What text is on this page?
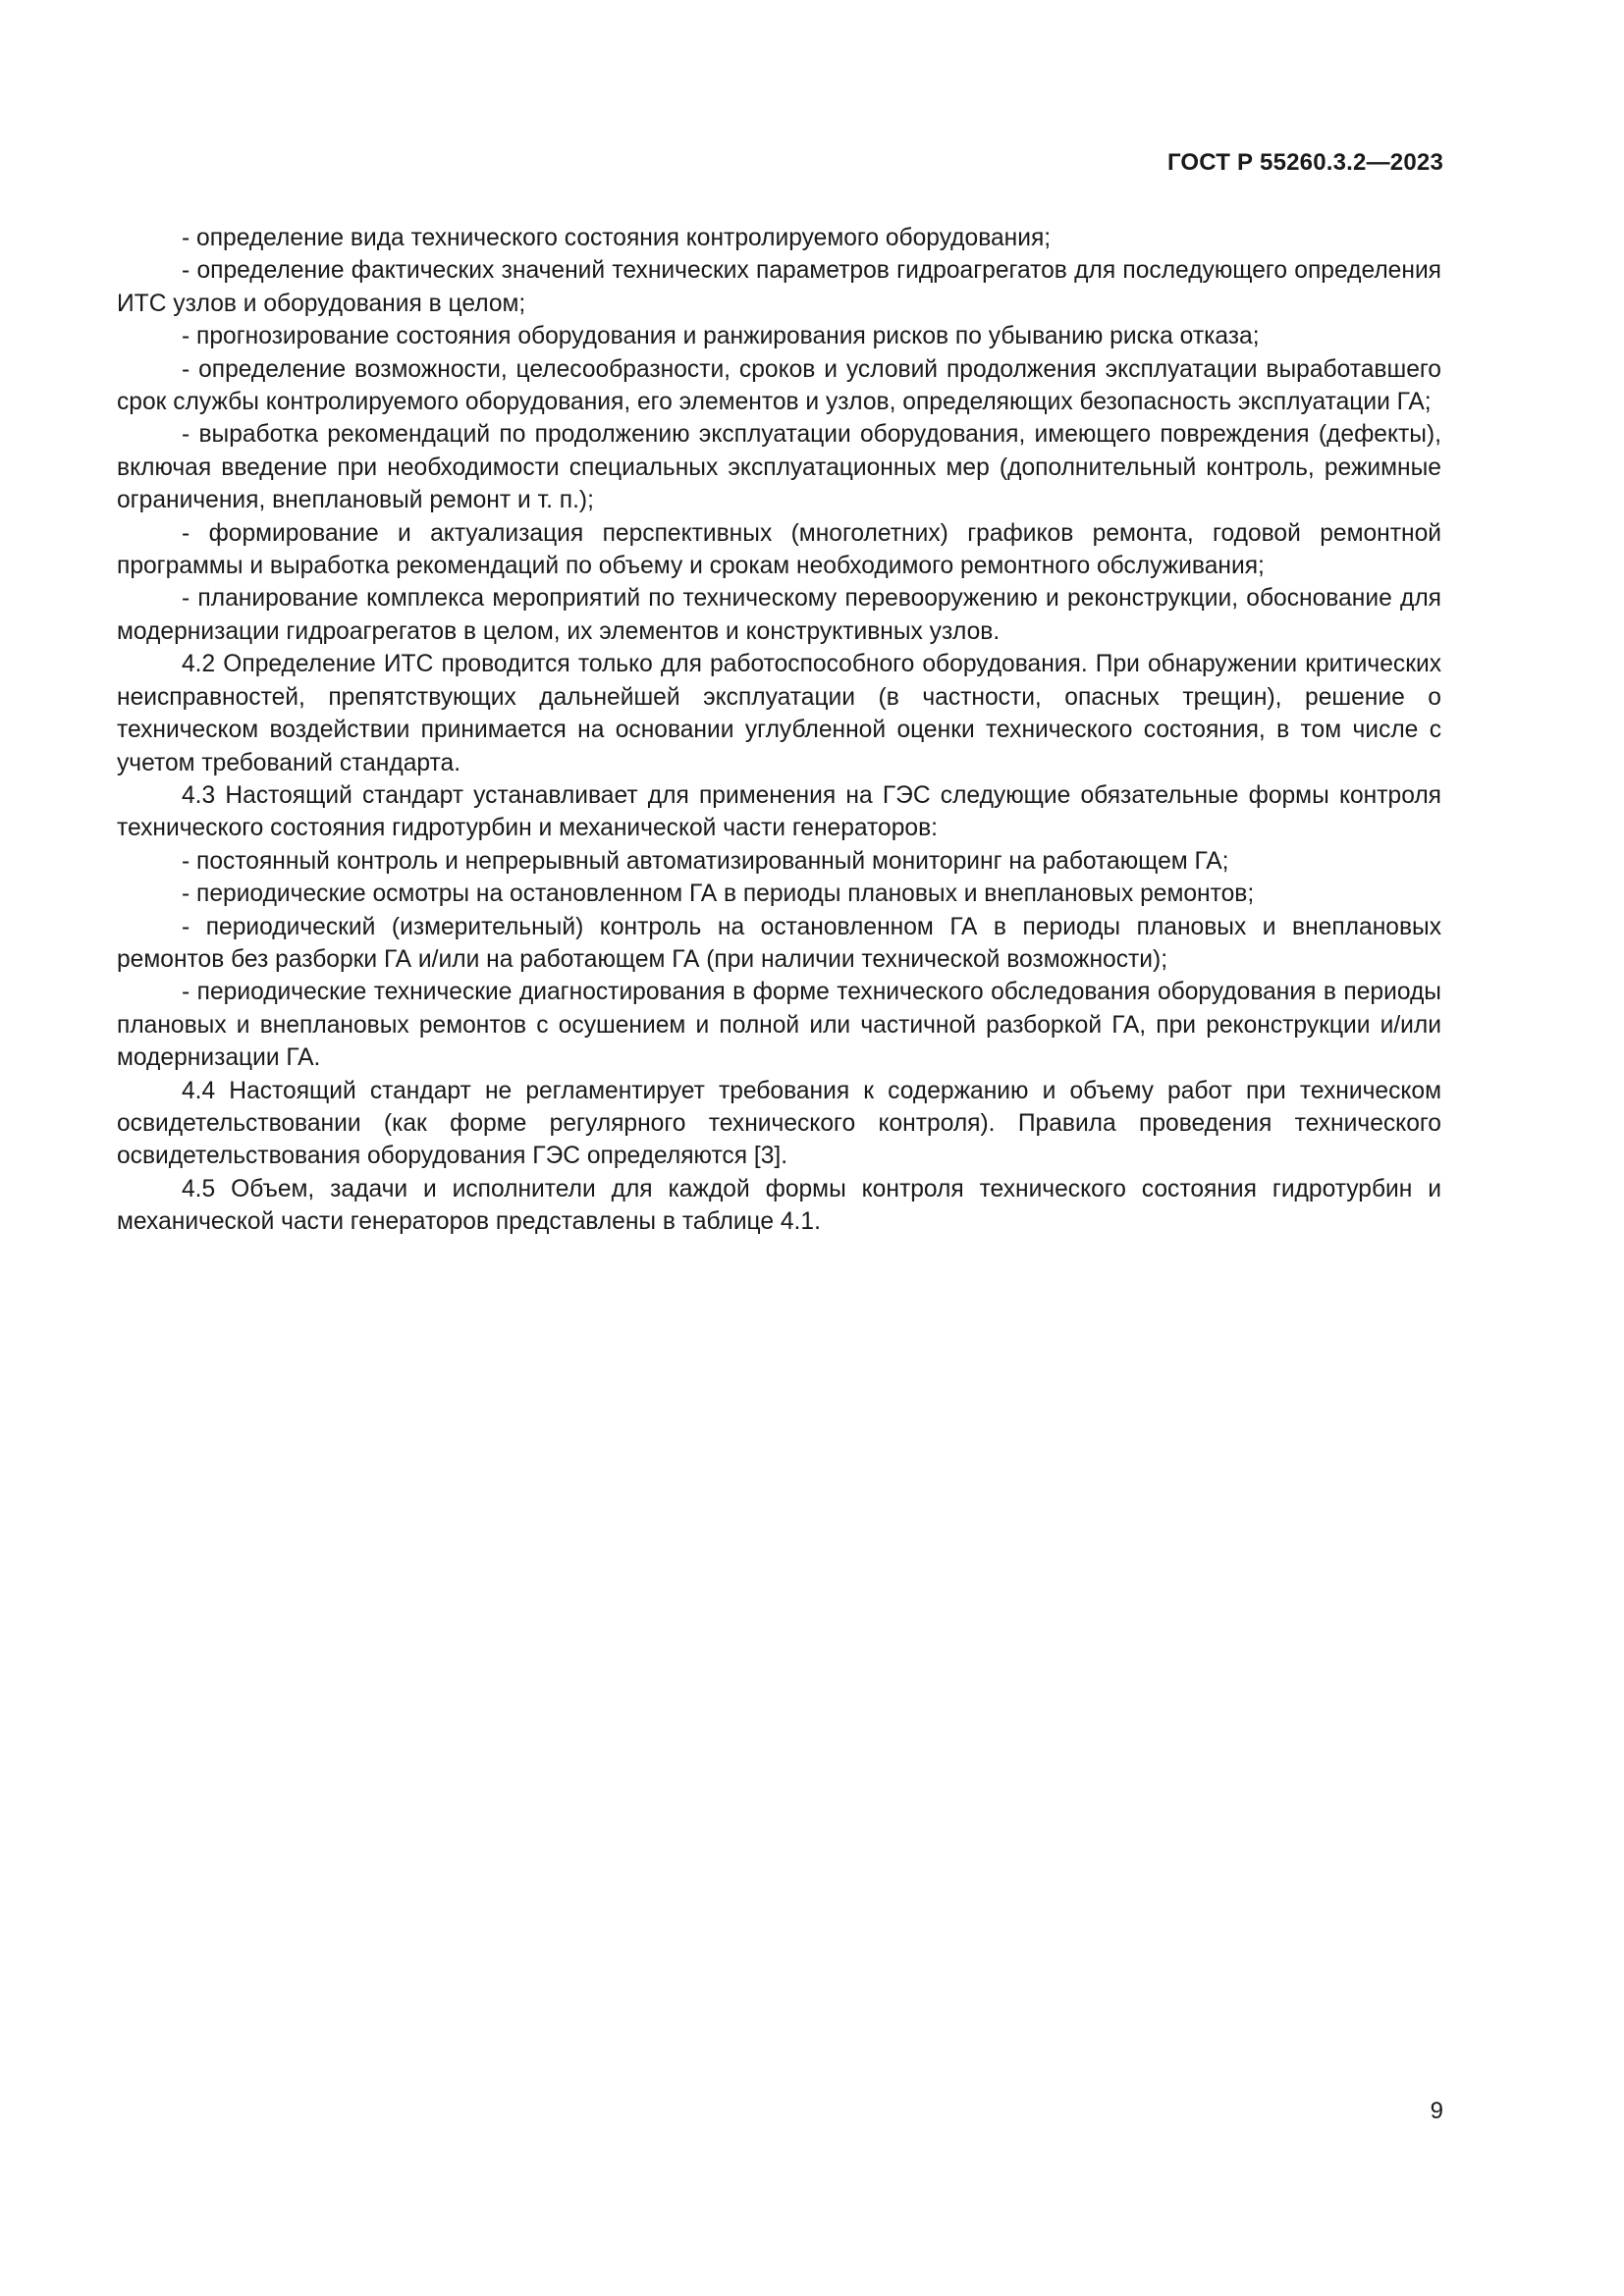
ГОСТ Р 55260.3.2—2023

- определение вида технического состояния контролируемого оборудования;

- определение фактических значений технических параметров гидроагрегатов для последующего определения ИТС узлов и оборудования в целом;

- прогнозирование состояния оборудования и ранжирования рисков по убыванию риска отказа;

- определение возможности, целесообразности, сроков и условий продолжения эксплуатации выработавшего срок службы контролируемого оборудования, его элементов и узлов, определяющих безопасность эксплуатации ГА;

- выработка рекомендаций по продолжению эксплуатации оборудования, имеющего повреждения (дефекты), включая введение при необходимости специальных эксплуатационных мер (дополнительный контроль, режимные ограничения, внеплановый ремонт и т. п.);

- формирование и актуализация перспективных (многолетних) графиков ремонта, годовой ремонтной программы и выработка рекомендаций по объему и срокам необходимого ремонтного обслуживания;

- планирование комплекса мероприятий по техническому перевооружению и реконструкции, обоснование для модернизации гидроагрегатов в целом, их элементов и конструктивных узлов.

4.2 Определение ИТС проводится только для работоспособного оборудования. При обнаружении критических неисправностей, препятствующих дальнейшей эксплуатации (в частности, опасных трещин), решение о техническом воздействии принимается на основании углубленной оценки технического состояния, в том числе с учетом требований стандарта.

4.3 Настоящий стандарт устанавливает для применения на ГЭС следующие обязательные формы контроля технического состояния гидротурбин и механической части генераторов:

- постоянный контроль и непрерывный автоматизированный мониторинг на работающем ГА;

- периодические осмотры на остановленном ГА в периоды плановых и внеплановых ремонтов;

- периодический (измерительный) контроль на остановленном ГА в периоды плановых и внеплановых ремонтов без разборки ГА и/или на работающем ГА (при наличии технической возможности);

- периодические технические диагностирования в форме технического обследования оборудования в периоды плановых и внеплановых ремонтов с осушением и полной или частичной разборкой ГА, при реконструкции и/или модернизации ГА.

4.4 Настоящий стандарт не регламентирует требования к содержанию и объему работ при техническом освидетельствовании (как форме регулярного технического контроля). Правила проведения технического освидетельствования оборудования ГЭС определяются [3].

4.5 Объем, задачи и исполнители для каждой формы контроля технического состояния гидротурбин и механической части генераторов представлены в таблице 4.1.

9
